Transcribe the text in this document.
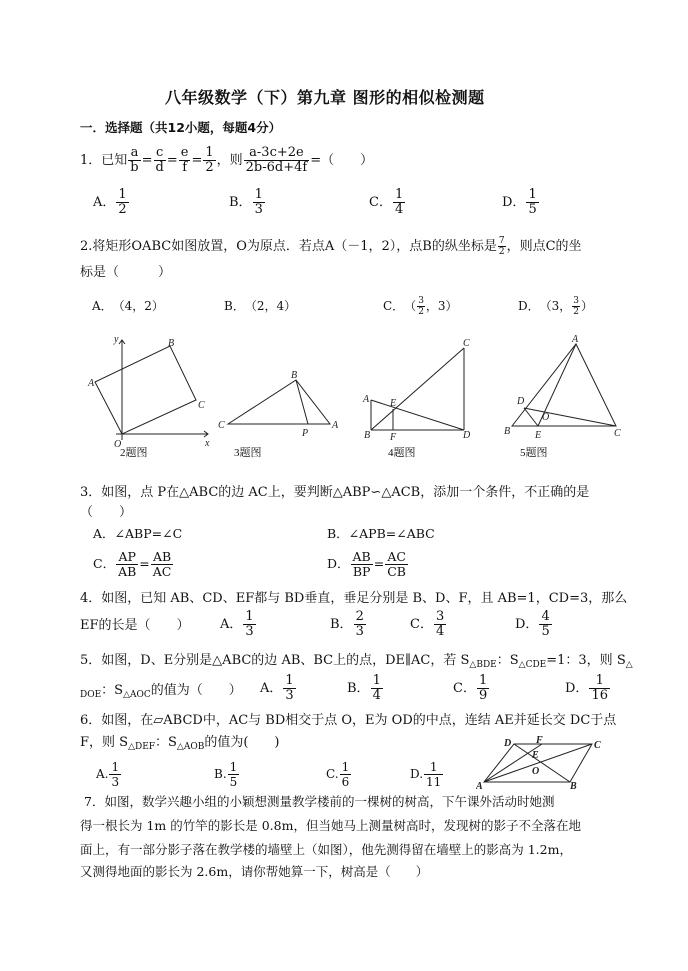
八年级数学（下）第九章 图形的相似检测题
一．选择题（共12小题，每题4分）
1．已知 $\frac{a}{b} = \frac{c}{d} = \frac{e}{f} = \frac{1}{2}$ ，则 $\frac{a-3c+2e}{2b-6d+4f}$ =（　　）
A． $\frac{1}{2}$	B． $\frac{1}{3}$	C． $\frac{1}{4}$	D． $\frac{1}{5}$
2.将矩形OABC如图放置，O为原点．若点A（－1，2），点B的纵坐标是 $\frac{7}{2}$ ，则点C的坐
标是（　　　）
A．　（4，2）	B．　（2，4）	C．　（ $\frac{3}{2}$ ，3）	D．　（3， $\frac{3}{2}$ ）
y	B
A
C
O	x
B
C
P
A
C
A E
B F	D
A
D
O
B E	C
2题图	3题图	4题图	5题图
3．如图，点 P在△ABC的边 AC上，要判断△ABP∽△ACB，添加一个条件，不正确的是
（　　）
A．∠ABP=∠C	B．∠APB=∠ABC
C． $\frac{AP}{AB} = \frac{AB}{AC}$	D． $\frac{AB}{BP} = \frac{AC}{CB}$
4．如图，已知 AB、CD、EF都与 BD垂直，垂足分别是 B、D、F，且 AB=1，CD=3，那么
EF的长是（　　） A． $\frac{1}{3}$	B． $\frac{2}{3}$	C． $\frac{3}{4}$	D． $\frac{4}{5}$
5．如图，D、E分别是△ABC的边 AB、BC上的点，DE∥AC，若 $S_{\triangle BDE}$：$S_{\triangle CDE}=1$：3，则 $S_\triangle$
$_{DOE}$：$S_{\triangle AOC}$的值为（　　） A． $\frac{1}{3}$	B． $\frac{1}{4}$	C． $\frac{1}{9}$	D． $\frac{1}{16}$
6．如图，在▱ABCD中，AC与 BD相交于点 O，E为 OD的中点，连结 AE并延长交 DC于点
F，则 $S_{\triangle DEF}$：$S_{\triangle AOB}$的值为(　　)
A. $\frac{1}{3}$	B. $\frac{1}{5}$	C. $\frac{1}{6}$	D. $\frac{1}{11}$
D F	C
E
O
A	B
7．如图，数学兴趣小组的小颖想测量教学楼前的一棵树的树高，下午课外活动时她测
得一根长为 1m 的竹竿的影长是 0.8m，但当她马上测量树高时，发现树的影子不全落在地
面上，有一部分影子落在教学楼的墙壁上（如图），他先测得留在墙壁上的影高为 1.2m，
又测得地面的影长为 2.6m，请你帮她算一下，树高是（　　）
